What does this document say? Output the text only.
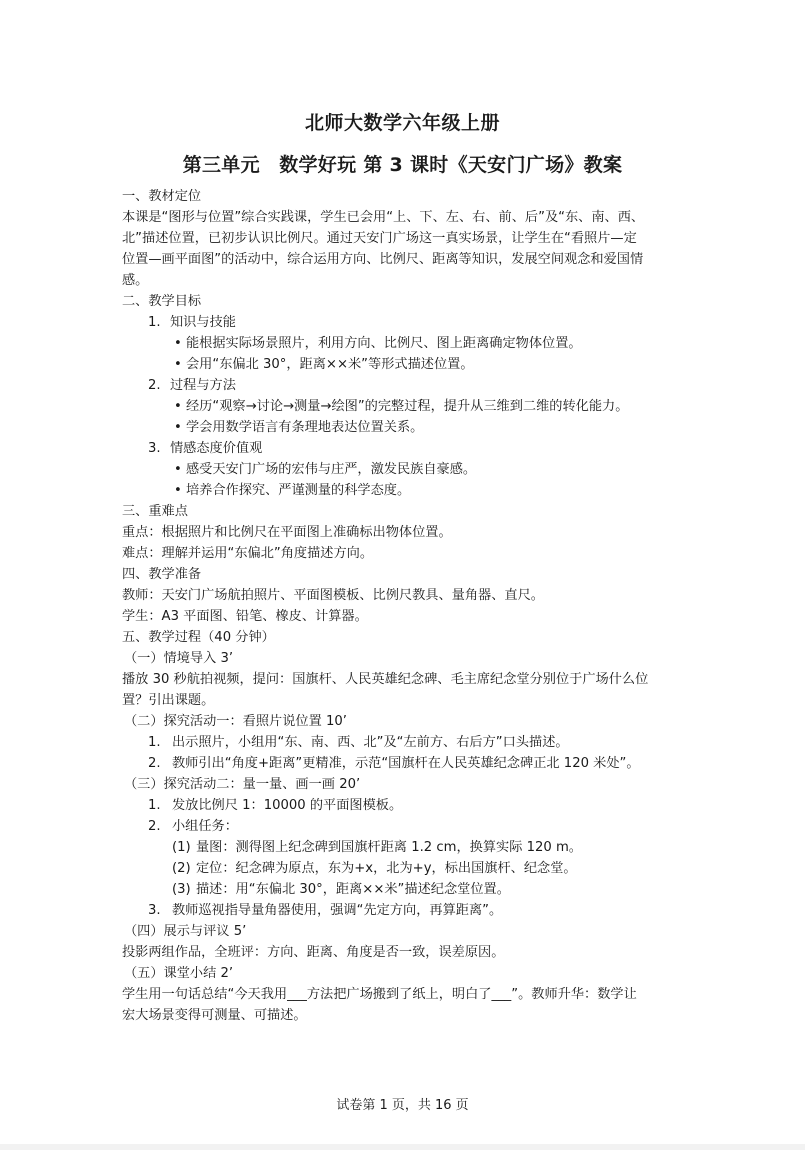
北师大数学六年级上册
第三单元　数学好玩 第 3 课时《天安门广场》教案

一、教材定位

本课是“图形与位置”综合实践课，学生已会用“上、下、左、右、前、后”及“东、南、西、

北”描述位置，已初步认识比例尺。通过天安门广场这一真实场景，让学生在“看照片—定

位置—画平面图”的活动中，综合运用方向、比例尺、距离等知识，发展空间观念和爱国情

感。

二、教学目标

1. 知识与技能
• 能根据实际场景照片，利用方向、比例尺、图上距离确定物体位置。
• 会用“东偏北 30°，距离××米”等形式描述位置。
2. 过程与方法
• 经历“观察→讨论→测量→绘图”的完整过程，提升从三维到二维的转化能力。
• 学会用数学语言有条理地表达位置关系。
3. 情感态度价值观
• 感受天安门广场的宏伟与庄严，激发民族自豪感。
• 培养合作探究、严谨测量的科学态度。

三、重难点

重点：根据照片和比例尺在平面图上准确标出物体位置。

难点：理解并运用“东偏北”角度描述方向。

四、教学准备

教师：天安门广场航拍照片、平面图模板、比例尺教具、量角器、直尺。

学生：A3 平面图、铅笔、橡皮、计算器。

五、教学过程（40 分钟）

（一）情境导入 3’

播放 30 秒航拍视频，提问：国旗杆、人民英雄纪念碑、毛主席纪念堂分别位于广场什么位

置？引出课题。

（二）探究活动一：看照片说位置 10’

1. 出示照片，小组用“东、南、西、北”及“左前方、右后方”口头描述。
2. 教师引出“角度+距离”更精准，示范“国旗杆在人民英雄纪念碑正北 120 米处”。

（三）探究活动二：量一量、画一画 20’

1. 发放比例尺 1：10000 的平面图模板。
2. 小组任务：
(1) 量图：测得图上纪念碑到国旗杆距离 1.2 cm，换算实际 120 m。
(2) 定位：纪念碑为原点，东为+x，北为+y，标出国旗杆、纪念堂。
(3) 描述：用“东偏北 30°，距离××米”描述纪念堂位置。
3. 教师巡视指导量角器使用，强调“先定方向，再算距离”。

（四）展示与评议 5’

投影两组作品，全班评：方向、距离、角度是否一致，误差原因。

（五）课堂小结 2’

学生用一句话总结“今天我用___方法把广场搬到了纸上，明白了___”。教师升华：数学让

宏大场景变得可测量、可描述。

试卷第 1 页，共 16 页
